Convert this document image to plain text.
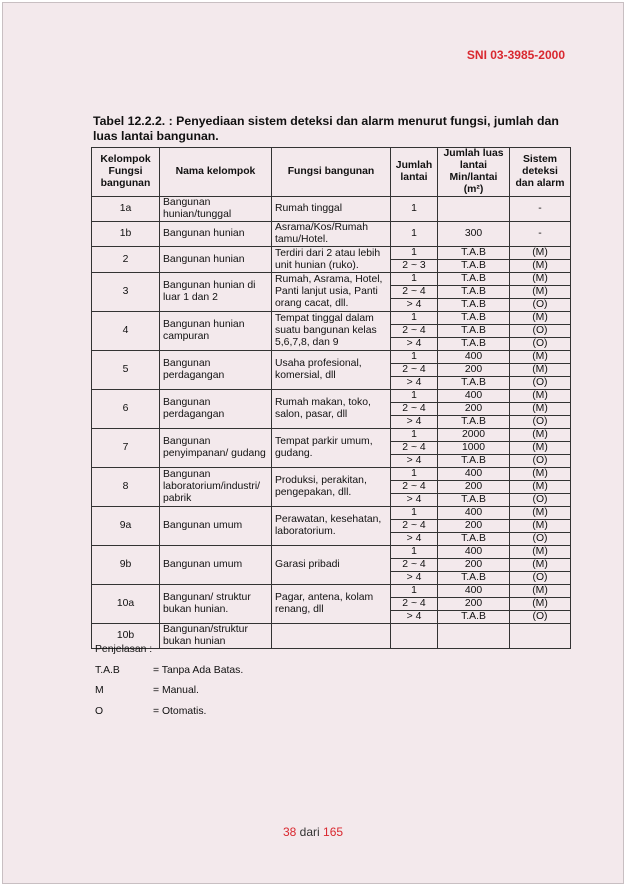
SNI 03-3985-2000
Tabel 12.2.2. : Penyediaan sistem deteksi dan alarm menurut fungsi, jumlah dan luas lantai bangunan.
Kelompok Fungsi bangunan	Nama kelompok	Fungsi bangunan	Jumlah lantai	Jumlah luas lantai Min/lantai (m²)	Sistem deteksi dan alarm
1a	Bangunan hunian/tunggal	Rumah tinggal	1		-
1b	Bangunan hunian	Asrama/Kos/Rumah tamu/Hotel.	1	300	-
2	Bangunan hunian	Terdiri dari 2 atau lebih unit hunian (ruko).	1	T.A.B	(M)
			2 ~ 3	T.A.B	(M)
3	Bangunan hunian di luar 1 dan 2	Rumah, Asrama, Hotel, Panti lanjut usia, Panti orang cacat, dll.	1	T.A.B	(M)
			2 ~ 4	T.A.B	(M)
			> 4	T.A.B	(O)
4	Bangunan hunian campuran	Tempat tinggal dalam suatu bangunan kelas 5,6,7,8, dan 9	1	T.A.B	(M)
			2 ~ 4	T.A.B	(O)
			> 4	T.A.B	(O)
5	Bangunan perdagangan	Usaha profesional, komersial, dll	1	400	(M)
			2 ~ 4	200	(M)
			> 4	T.A.B	(O)
6	Bangunan perdagangan	Rumah makan, toko, salon, pasar, dll	1	400	(M)
			2 ~ 4	200	(M)
			> 4	T.A.B	(O)
7	Bangunan penyimpanan/ gudang	Tempat parkir umum, gudang.	1	2000	(M)
			2 ~ 4	1000	(M)
			> 4	T.A.B	(O)
8	Bangunan laboratorium/industri/ pabrik	Produksi, perakitan, pengepakan, dll.	1	400	(M)
			2 ~ 4	200	(M)
			> 4	T.A.B	(O)
9a	Bangunan umum	Perawatan, kesehatan, laboratorium.	1	400	(M)
			2 ~ 4	200	(M)
			> 4	T.A.B	(O)
9b	Bangunan umum	Garasi pribadi	1	400	(M)
			2 ~ 4	200	(M)
			> 4	T.A.B	(O)
10a	Bangunan/ struktur bukan hunian.	Pagar, antena, kolam renang, dll	1	400	(M)
			2 ~ 4	200	(M)
			> 4	T.A.B	(O)
10b	Bangunan/struktur bukan hunian				
Penjelasan :
T.A.B	= Tanpa Ada Batas.
M	= Manual.
O	= Otomatis.
38 dari 165
